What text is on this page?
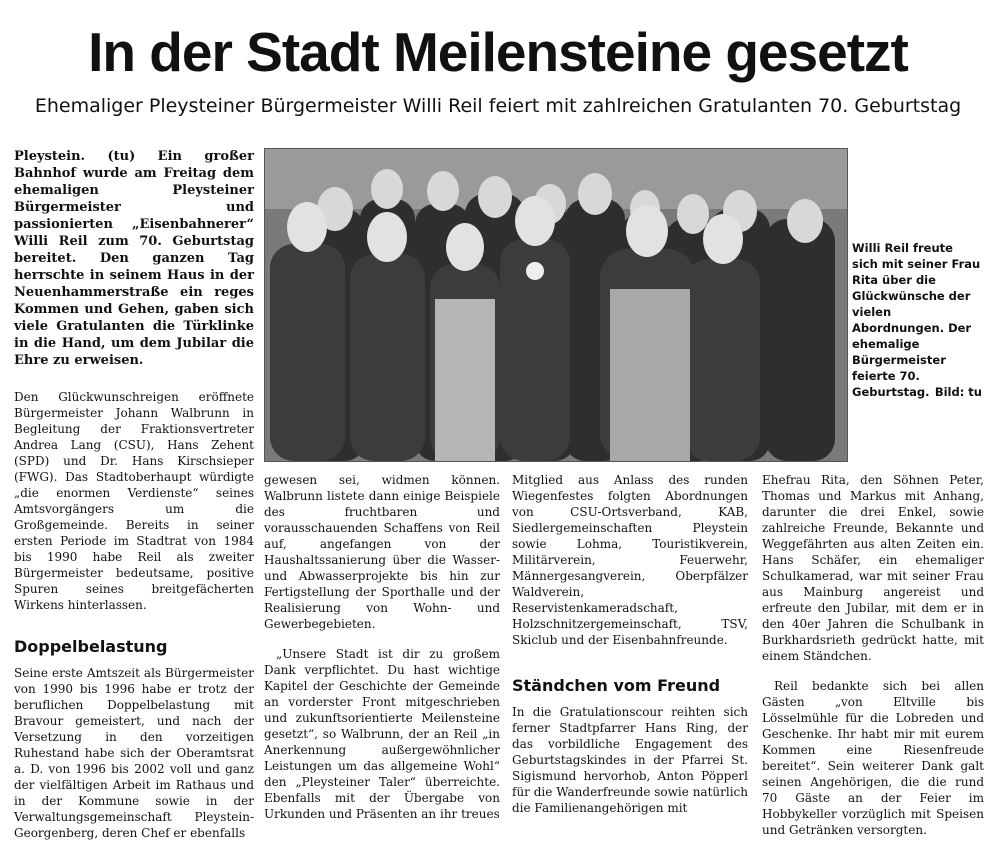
In der Stadt Meilensteine gesetzt

Ehemaliger Pleysteiner Bürgermeister Willi Reil feiert mit zahlreichen Gratulanten 70. Geburtstag

Pleystein. (tu) Ein großer Bahnhof wurde am Freitag dem ehemaligen Pleysteiner Bürgermeister und passionierten „Eisenbahnerer“ Willi Reil zum 70. Geburtstag bereitet. Den ganzen Tag herrschte in seinem Haus in der Neuenhammerstraße ein reges Kommen und Gehen, gaben sich viele Gratulanten die Türklinke in die Hand, um dem Jubilar die Ehre zu erweisen.

Den Glückwunschreigen eröffnete Bürgermeister Johann Walbrunn in Begleitung der Fraktionsvertreter Andrea Lang (CSU), Hans Zehent (SPD) und Dr. Hans Kirschsieper (FWG). Das Stadtoberhaupt würdigte „die enormen Verdienste“ seines Amtsvorgängers um die Großgemeinde. Bereits in seiner ersten Periode im Stadtrat von 1984 bis 1990 habe Reil als zweiter Bürgermeister bedeutsame, positive Spuren seines breitgefächerten Wirkens hinterlassen.

Doppelbelastung

Seine erste Amtszeit als Bürgermeister von 1990 bis 1996 habe er trotz der beruflichen Doppelbelastung mit Bravour gemeistert, und nach der Versetzung in den vorzeitigen Ruhestand habe sich der Oberamtsrat a. D. von 1996 bis 2002 voll und ganz der vielfältigen Arbeit im Rathaus und in der Kommune sowie in der Verwaltungsgemeinschaft Pleystein-Georgenberg, deren Chef er ebenfalls

Willi Reil freute sich mit seiner Frau Rita über die Glückwünsche der vielen Abordnungen. Der ehemalige Bürgermeister feierte 70. Geburtstag. Bild: tu

gewesen sei, widmen können. Walbrunn listete dann einige Beispiele des fruchtbaren und vorausschauenden Schaffens von Reil auf, angefangen von der Haushaltssanierung über die Wasser- und Abwasserprojekte bis hin zur Fertigstellung der Sporthalle und der Realisierung von Wohn- und Gewerbegebieten.

„Unsere Stadt ist dir zu großem Dank verpflichtet. Du hast wichtige Kapitel der Geschichte der Gemeinde an vorderster Front mitgeschrieben und zukunftsorientierte Meilensteine gesetzt“, so Walbrunn, der an Reil „in Anerkennung außergewöhnlicher Leistungen um das allgemeine Wohl“ den „Pleysteiner Taler“ überreichte. Ebenfalls mit der Übergabe von Urkunden und Präsenten an ihr treues

Mitglied aus Anlass des runden Wiegenfestes folgten Abordnungen von CSU-Ortsverband, KAB, Siedlergemeinschaften Pleystein sowie Lohma, Touristikverein, Militärverein, Feuerwehr, Männergesangverein, Oberpfälzer Waldverein, Reservistenkameradschaft, Holzschnitzergemeinschaft, TSV, Skiclub und der Eisenbahnfreunde.

Ständchen vom Freund

In die Gratulationscour reihten sich ferner Stadtpfarrer Hans Ring, der das vorbildliche Engagement des Geburtstagskindes in der Pfarrei St. Sigismund hervorhob, Anton Pöpperl für die Wanderfreunde sowie natürlich die Familienangehörigen mit

Ehefrau Rita, den Söhnen Peter, Thomas und Markus mit Anhang, darunter die drei Enkel, sowie zahlreiche Freunde, Bekannte und Weggefährten aus alten Zeiten ein. Hans Schäfer, ein ehemaliger Schulkamerad, war mit seiner Frau aus Mainburg angereist und erfreute den Jubilar, mit dem er in den 40er Jahren die Schulbank in Burkhardsrieth gedrückt hatte, mit einem Ständchen.

Reil bedankte sich bei allen Gästen „von Eltville bis Lösselmühle für die Lobreden und Geschenke. Ihr habt mir mit eurem Kommen eine Riesenfreude bereitet“. Sein weiterer Dank galt seinen Angehörigen, die die rund 70 Gäste an der Feier im Hobbykeller vorzüglich mit Speisen und Getränken versorgten.
